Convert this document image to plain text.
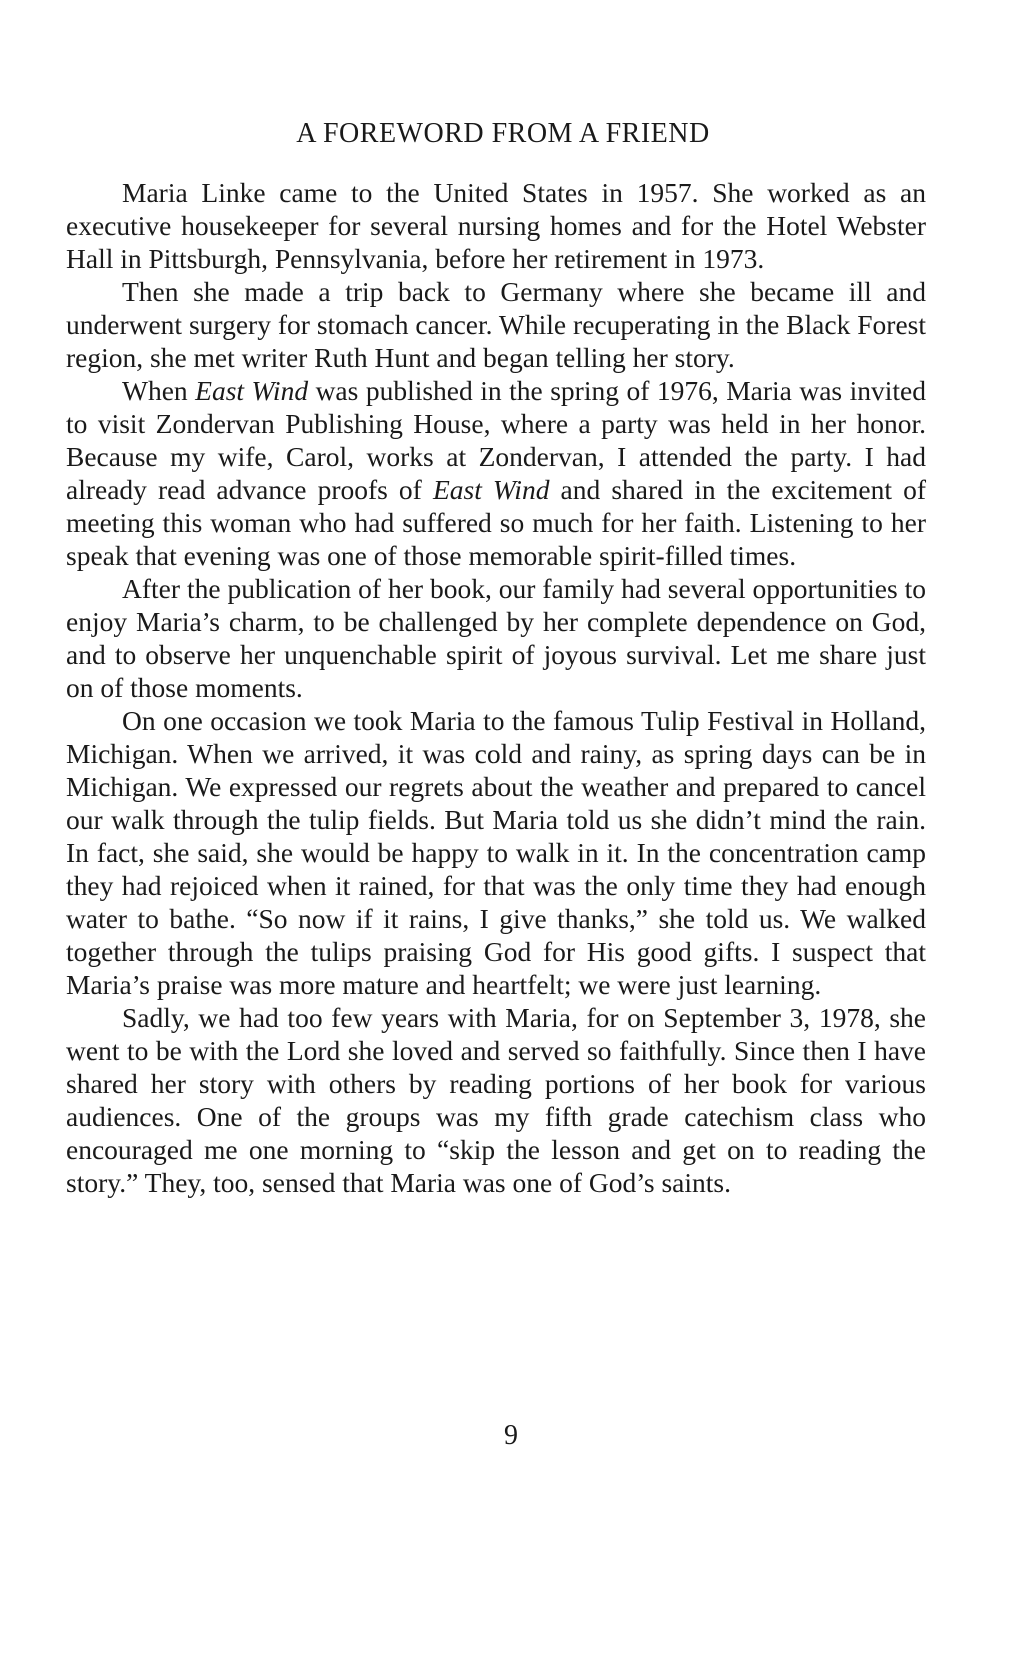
A FOREWORD FROM A FRIEND

Maria Linke came to the United States in 1957. She worked as an executive housekeeper for several nursing homes and for the Hotel Webster Hall in Pittsburgh, Pennsylvania, before her retirement in 1973.

Then she made a trip back to Germany where she became ill and underwent surgery for stomach cancer. While recuperating in the Black Forest region, she met writer Ruth Hunt and began telling her story.

When East Wind was published in the spring of 1976, Maria was invited to visit Zondervan Publishing House, where a party was held in her honor. Because my wife, Carol, works at Zondervan, I attended the party. I had already read advance proofs of East Wind and shared in the excitement of meeting this woman who had suffered so much for her faith. Listening to her speak that evening was one of those memorable spirit-filled times.

After the publication of her book, our family had several opportunities to enjoy Maria’s charm, to be challenged by her complete dependence on God, and to observe her unquenchable spirit of joyous survival. Let me share just on of those moments.

On one occasion we took Maria to the famous Tulip Festival in Holland, Michigan. When we arrived, it was cold and rainy, as spring days can be in Michigan. We expressed our regrets about the weather and prepared to cancel our walk through the tulip fields. But Maria told us she didn’t mind the rain. In fact, she said, she would be happy to walk in it. In the concentration camp they had rejoiced when it rained, for that was the only time they had enough water to bathe. “So now if it rains, I give thanks,” she told us. We walked together through the tulips praising God for His good gifts. I suspect that Maria’s praise was more mature and heartfelt; we were just learning.

Sadly, we had too few years with Maria, for on September 3, 1978, she went to be with the Lord she loved and served so faithfully. Since then I have shared her story with others by reading portions of her book for various audiences. One of the groups was my fifth grade catechism class who encouraged me one morning to “skip the lesson and get on to reading the story.” They, too, sensed that Maria was one of God’s saints.

9
